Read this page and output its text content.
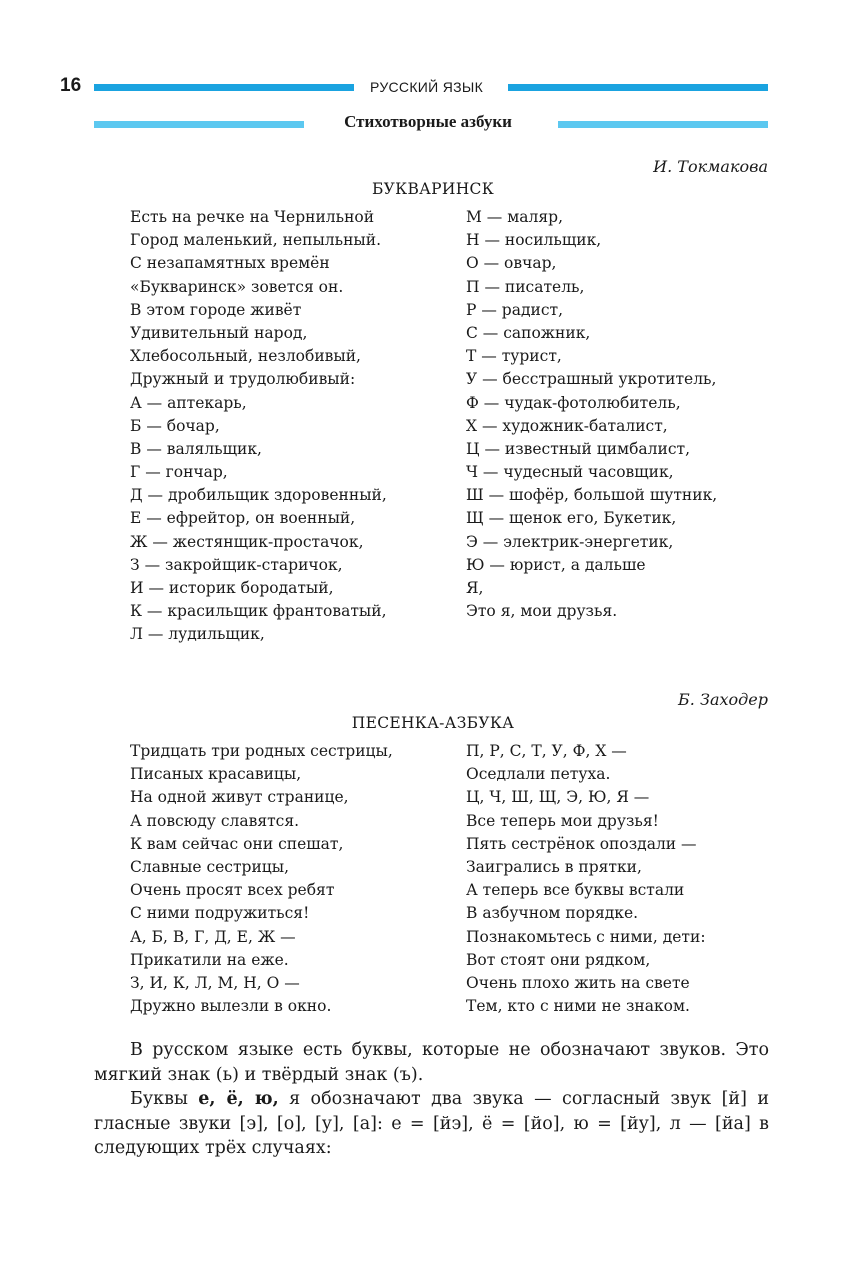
16	РУССКИЙ ЯЗЫК
Стихотворные азбуки
И. Токмакова
БУКВАРИНСК
Есть на речке на Чернильной
Город маленький, непыльный.
С незапамятных времён
«Букваринск» зовется он.
В этом городе живёт
Удивительный народ,
Хлебосольный, незлобивый,
Дружный и трудолюбивый:
А — аптекарь,
Б — бочар,
В — валяльщик,
Г — гончар,
Д — дробильщик здоровенный,
Е — ефрейтор, он военный,
Ж — жестянщик-простачок,
З — закройщик-старичок,
И — историк бородатый,
К — красильщик франтоватый,
Л — лудильщик,
М — маляр,
Н — носильщик,
О — овчар,
П — писатель,
Р — радист,
С — сапожник,
Т — турист,
У — бесстрашный укротитель,
Ф — чудак-фотолюбитель,
Х — художник-баталист,
Ц — известный цимбалист,
Ч — чудесный часовщик,
Ш — шофёр, большой шутник,
Щ — щенок его, Букетик,
Э — электрик-энергетик,
Ю — юрист, а дальше
Я,
Это я, мои друзья.
Б. Заходер
ПЕСЕНКА-АЗБУКА
Тридцать три родных сестрицы,
Писаных красавицы,
На одной живут странице,
А повсюду славятся.
К вам сейчас они спешат,
Славные сестрицы,
Очень просят всех ребят
С ними подружиться!
А, Б, В, Г, Д, Е, Ж —
Прикатили на еже.
З, И, К, Л, М, Н, О —
Дружно вылезли в окно.
П, Р, С, Т, У, Ф, Х —
Оседлали петуха.
Ц, Ч, Ш, Щ, Э, Ю, Я —
Все теперь мои друзья!
Пять сестрёнок опоздали —
Заигрались в прятки,
А теперь все буквы встали
В азбучном порядке.
Познакомьтесь с ними, дети:
Вот стоят они рядком,
Очень плохо жить на свете
Тем, кто с ними не знаком.

В русском языке есть буквы, которые не обозначают звуков. Это мягкий знак (ь) и твёрдый знак (ъ).

Буквы е, ё, ю, я обозначают два звука — согласный звук [й] и гласные звуки [э], [о], [у], [а]: е = [йэ], ё = [йо], ю = [йу], л — [йа] в следующих трёх случаях:
